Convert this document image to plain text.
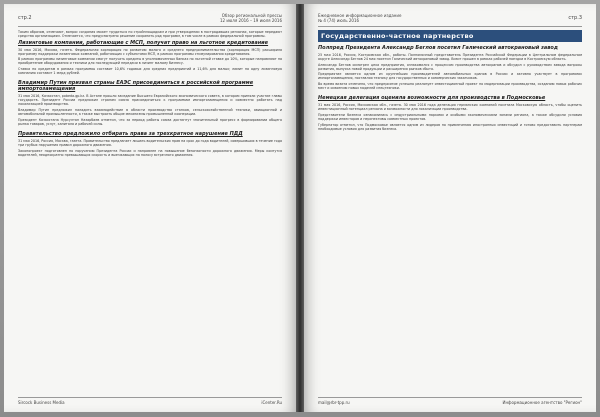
стр.2	Обзор региональной прессы
12 июля 2016 – 19 июля 2016
Таким образом, отмечают, вопрос создания может трудиться по стройплощадкам и при утверждении в пострадавших регионах, которые передают средства организациям. Отмечается, что предусмотрено решение сохранить ряд программ, в том числе в рамках федеральной программы.
Лизинговые компании, работающие с МСП, получат право на льготное кредитование
30 мая 2016, Москва, газета. Федеральная корпорация по развитию малого и среднего предпринимательства (корпорация МСП) расширила программу поддержки лизинговых компаний, работающих с субъектами МСП, в рамках программы стимулирования кредитования.
В рамках программы лизинговые компании смогут получать кредиты в уполномоченных банках по льготной ставке до 10%, которые направляют на приобретение оборудования и техники для последующей передачи в лизинг малому бизнесу.
Ставка по кредитам в рамках программы составит 10,6% годовых для средних предприятий и 11,6% для малых; лимит на одну лизинговую компанию составит 1 млрд рублей.
Владимир Путин призвал страны ЕАЭС присоединиться к российской программе импортозамещения
31 мая 2016, Казахстан, pobeda.gp.kz. В Астане прошло заседание Высшего Евразийского экономического совета, в котором приняли участие главы государств. Президент России предложил странам союза присоединиться к программам импортозамещения и совместно работать над локализацией производства.
Владимир Путин предложил наладить взаимодействие в области производства станков, сельскохозяйственной техники, авиационной и автомобильной промышленности, а также выстроить общие механизмы промышленной кооперации.
Президент Казахстана Нурсултан Назарбаев отметил, что за период работы союза достигнут значительный прогресс в формировании общего рынка товаров, услуг, капитала и рабочей силы.
Правительство предложило отбирать права за трехкратное нарушение ПДД
31 мая 2016, Россия, Москва, газета. Правительство предлагает лишать водительских прав на срок до года водителей, совершивших в течение года три грубых нарушения правил дорожного движения.
Законопроект подготовлен по поручению Президента России и направлен на повышение безопасности дорожного движения. Меры коснутся водителей, неоднократно превышающих скорость и выезжающих на полосу встречного движения.
Sircock Business Media	iCenter.Ru
Ежедневное информационное издание
№ 4 (74) июль 2016	стр.3
Государственно-частное партнерство
Полпред Президента Александр Беглов посетил Галический автокрановый завод
25 мая 2016, Россия, Костромская обл., работы. Полномочный представитель Президента Российской Федерации в Центральном федеральном округе Александр Беглов 24 мая посетил Галический автокрановый завод. Визит прошел в рамках рабочей поездки в Костромскую область.
Александр Беглов осмотрел цеха предприятия, ознакомился с процессом производства автокранов и обсудил с руководством завода вопросы развития, выпуска новой продукции и расширения рынков сбыта.
Предприятие является одним из крупнейших производителей автомобильных кранов в России и активно участвует в программах импортозамещения, поставляя технику для государственных и коммерческих заказчиков.
Во время визита отмечено, что предприятие успешно реализует инвестиционный проект по модернизации производства, созданию новых рабочих мест и освоению новых моделей спецтехники.
Немецкая делегация оценила возможности для производства в Подмосковье
31 мая 2016, Россия, Московская обл., газета. 30 мая 2016 года делегация германских компаний посетила Московскую область, чтобы оценить инвестиционный потенциал региона и возможности для локализации производства.
Представители бизнеса ознакомились с индустриальными парками и особыми экономическими зонами региона, а также обсудили условия поддержки инвесторов и перспективы совместных проектов.
Губернатор отметил, что Подмосковье является одним из лидеров по привлечению иностранных инвестиций и готово предоставить партнерам необходимые условия для развития бизнеса.
mail@rbr-tpp.ru	Информационное агентство "Регион"
